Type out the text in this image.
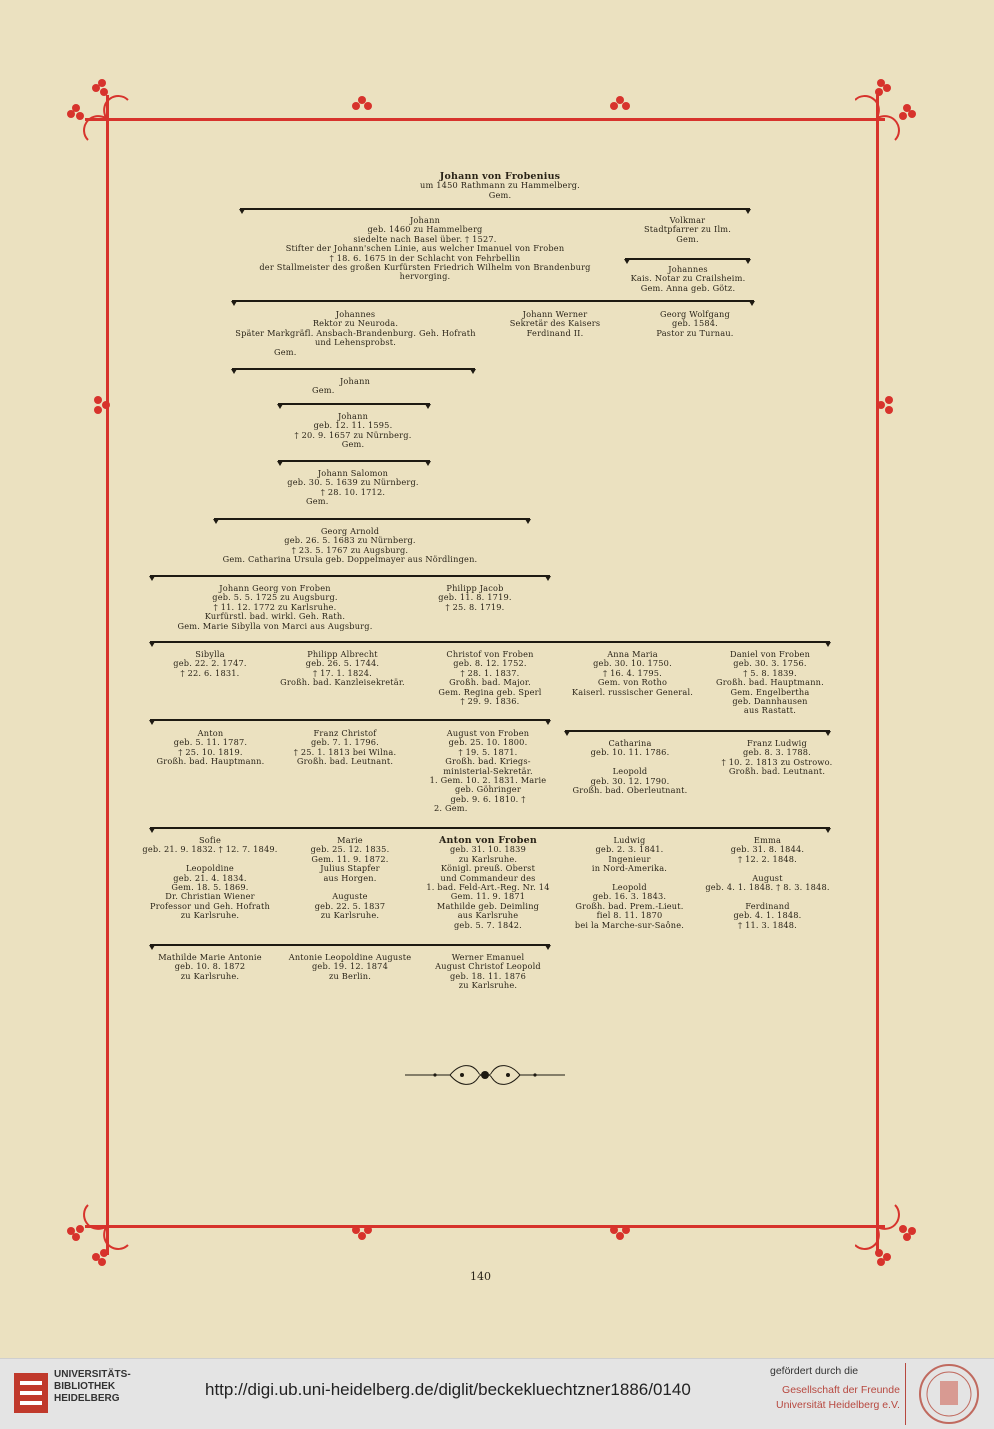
Johann von Frobenius
um 1450 Rathmann zu Hammelberg.
Gem.
Johann
geb. 1460 zu Hammelberg
siedelte nach Basel über. † 1527.
Stifter der Johann'schen Linie, aus welcher Imanuel von Froben
† 18. 6. 1675 in der Schlacht von Fehrbellin
der Stallmeister des großen Kurfürsten Friedrich Wilhelm von Brandenburg
hervorging.
Volkmar
Stadtpfarrer zu Ilm.
Gem.
Johannes
Kais. Notar zu Crailsheim.
Gem. Anna geb. Götz.
Johannes
Rektor zu Neuroda.
Später Markgräfl. Ansbach-Brandenburg. Geh. Hofrath
und Lehensprobst.
Gem.
Johann Werner
Sekretär des Kaisers
Ferdinand II.
Georg Wolfgang
geb. 1584.
Pastor zu Turnau.
Johann
Gem.
Johann
geb. 12. 11. 1595.
† 20. 9. 1657 zu Nürnberg.
Gem.
Johann Salomon
geb. 30. 5. 1639 zu Nürnberg.
† 28. 10. 1712.
Gem.
Georg Arnold
geb. 26. 5. 1683 zu Nürnberg.
† 23. 5. 1767 zu Augsburg.
Gem. Catharina Ursula geb. Doppelmayer aus Nördlingen.
Johann Georg von Froben
geb. 5. 5. 1725 zu Augsburg.
† 11. 12. 1772 zu Karlsruhe.
Kurfürstl. bad. wirkl. Geh. Rath.
Gem. Marie Sibylla von Marci aus Augsburg.
Philipp Jacob
geb. 11. 8. 1719.
† 25. 8. 1719.
Sibylla
geb. 22. 2. 1747.
† 22. 6. 1831.
Philipp Albrecht
geb. 26. 5. 1744.
† 17. 1. 1824.
Großh. bad. Kanzleisekretär.
Christof von Froben
geb. 8. 12. 1752.
† 28. 1. 1837.
Großh. bad. Major.
Gem. Regina geb. Sperl
† 29. 9. 1836.
Anna Maria
geb. 30. 10. 1750.
† 16. 4. 1795.
Gem. von Rotho
Kaiserl. russischer General.
Daniel von Froben
geb. 30. 3. 1756.
† 5. 8. 1839.
Großh. bad. Hauptmann.
Gem. Engelbertha
geb. Dannhausen
aus Rastatt.
Anton
geb. 5. 11. 1787.
† 25. 10. 1819.
Großh. bad. Hauptmann.
Franz Christof
geb. 7. 1. 1796.
† 25. 1. 1813 bei Wilna.
Großh. bad. Leutnant.
August von Froben
geb. 25. 10. 1800.
† 19. 5. 1871.
Großh. bad. Kriegs-
ministerial-Sekretär.
1. Gem. 10. 2. 1831. Marie
geb. Göhringer
geb. 9. 6. 1810. †
2. Gem.
Catharina
geb. 10. 11. 1786.

Leopold
geb. 30. 12. 1790.
Großh. bad. Oberleutnant.
Franz Ludwig
geb. 8. 3. 1788.
† 10. 2. 1813 zu Ostrowo.
Großh. bad. Leutnant.
Sofie
geb. 21. 9. 1832. † 12. 7. 1849.

Leopoldine
geb. 21. 4. 1834.
Gem. 18. 5. 1869.
Dr. Christian Wiener
Professor und Geh. Hofrath
zu Karlsruhe.
Marie
geb. 25. 12. 1835.
Gem. 11. 9. 1872.
Julius Stapfer
aus Horgen.

Auguste
geb. 22. 5. 1837
zu Karlsruhe.
Anton von Froben
geb. 31. 10. 1839
zu Karlsruhe.
Königl. preuß. Oberst
und Commandeur des
1. bad. Feld-Art.-Reg. Nr. 14
Gem. 11. 9. 1871
Mathilde geb. Deimling
aus Karlsruhe
geb. 5. 7. 1842.
Ludwig
geb. 2. 3. 1841.
Ingenieur
in Nord-Amerika.

Leopold
geb. 16. 3. 1843.
Großh. bad. Prem.-Lieut.
fiel 8. 11. 1870
bei la Marche-sur-Saône.
Emma
geb. 31. 8. 1844.
† 12. 2. 1848.

August
geb. 4. 1. 1848. † 8. 3. 1848.

Ferdinand
geb. 4. 1. 1848.
† 11. 3. 1848.
Mathilde Marie Antonie
geb. 10. 8. 1872
zu Karlsruhe.
Antonie Leopoldine Auguste
geb. 19. 12. 1874
zu Berlin.
Werner Emanuel
August Christof Leopold
geb. 18. 11. 1876
zu Karlsruhe.
140
UNIVERSITÄTS-
BIBLIOTHEK
HEIDELBERG	http://digi.ub.uni-heidelberg.de/diglit/beckekluechtzner1886/0140
gefördert durch die
Gesellschaft der Freunde
Universität Heidelberg e.V.
